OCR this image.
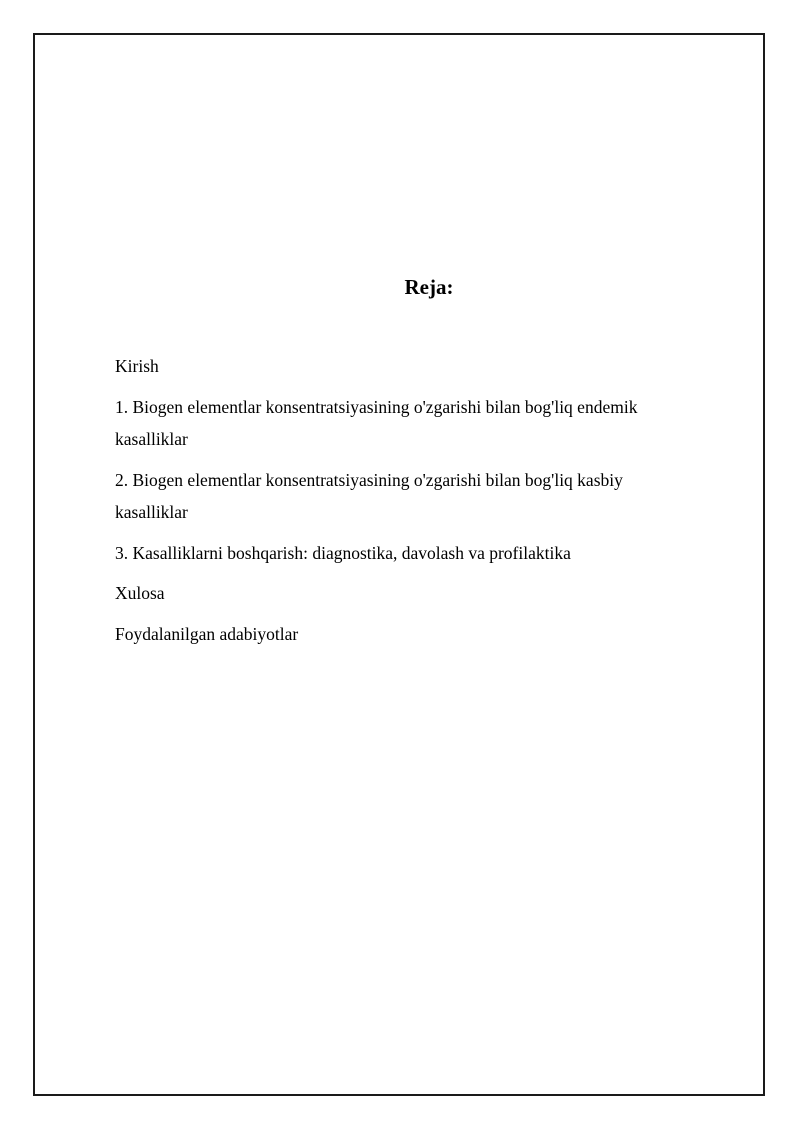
Reja:

Kirish

1. Biogen elementlar konsentratsiyasining o'zgarishi bilan bog'liq endemik kasalliklar

2. Biogen elementlar konsentratsiyasining o'zgarishi bilan bog'liq kasbiy kasalliklar

3. Kasalliklarni boshqarish: diagnostika, davolash va profilaktika

Xulosa

Foydalanilgan adabiyotlar
